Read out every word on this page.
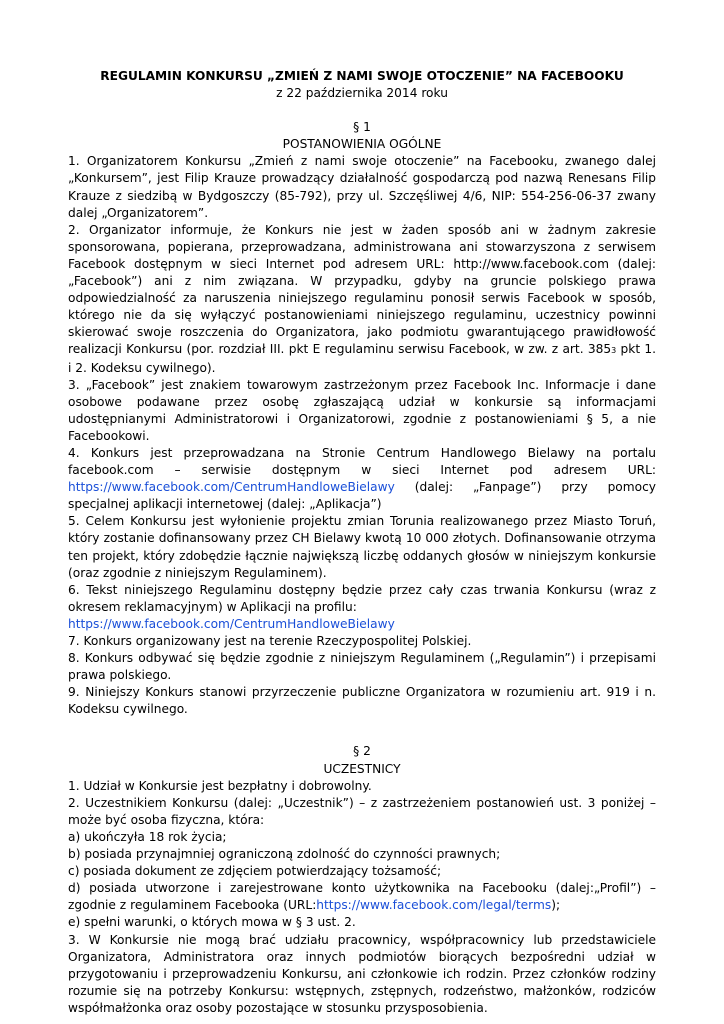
REGULAMIN KONKURSU „ZMIEŃ Z NAMI SWOJE OTOCZENIE” NA FACEBOOKU
z 22 października 2014 roku
§ 1
POSTANOWIENIA OGÓLNE

1. Organizatorem Konkursu „Zmień z nami swoje otoczenie” na Facebooku, zwanego dalej „Konkursem”, jest Filip Krauze prowadzący działalność gospodarczą pod nazwą Renesans Filip Krauze z siedzibą w Bydgoszczy (85-792), przy ul. Szczęśliwej 4/6, NIP: 554-256-06-37 zwany dalej „Organizatorem”.

2. Organizator informuje, że Konkurs nie jest w żaden sposób ani w żadnym zakresie sponsorowana, popierana, przeprowadzana, administrowana ani stowarzyszona z serwisem Facebook dostępnym w sieci Internet pod adresem URL: http://www.facebook.com (dalej: „Facebook”) ani z nim związana. W przypadku, gdyby na gruncie polskiego prawa odpowiedzialność za naruszenia niniejszego regulaminu ponosił serwis Facebook w sposób, którego nie da się wyłączyć postanowieniami niniejszego regulaminu, uczestnicy powinni skierować swoje roszczenia do Organizatora, jako podmiotu gwarantującego prawidłowość realizacji Konkursu (por. rozdział III. pkt E regulaminu serwisu Facebook, w zw. z art. 3853 pkt 1. i 2. Kodeksu cywilnego).

3. „Facebook” jest znakiem towarowym zastrzeżonym przez Facebook Inc. Informacje i dane osobowe podawane przez osobę zgłaszającą udział w konkursie są informacjami udostępnianymi Administratorowi i Organizatorowi, zgodnie z postanowieniami § 5, a nie Facebookowi.

4. Konkurs jest przeprowadzana na Stronie Centrum Handlowego Bielawy na portalu facebook.com – serwisie dostępnym w sieci Internet pod adresem URL:
https://www.facebook.com/CentrumHandloweBielawy (dalej: „Fanpage”) przy pomocy specjalnej aplikacji internetowej (dalej: „Aplikacja”)

5. Celem Konkursu jest wyłonienie projektu zmian Torunia realizowanego przez Miasto Toruń, który zostanie dofinansowany przez CH Bielawy kwotą 10 000 złotych. Dofinansowanie otrzyma ten projekt, który zdobędzie łącznie największą liczbę oddanych głosów w niniejszym konkursie (oraz zgodnie z niniejszym Regulaminem).

6. Tekst niniejszego Regulaminu dostępny będzie przez cały czas trwania Konkursu (wraz z okresem reklamacyjnym) w Aplikacji na profilu:

https://www.facebook.com/CentrumHandloweBielawy

7. Konkurs organizowany jest na terenie Rzeczypospolitej Polskiej.

8. Konkurs odbywać się będzie zgodnie z niniejszym Regulaminem („Regulamin”) i przepisami prawa polskiego.

9. Niniejszy Konkurs stanowi przyrzeczenie publiczne Organizatora w rozumieniu art. 919 i n. Kodeksu cywilnego.

§ 2
UCZESTNICY

1. Udział w Konkursie jest bezpłatny i dobrowolny.

2. Uczestnikiem Konkursu (dalej: „Uczestnik”) – z zastrzeżeniem postanowień ust. 3 poniżej –może być osoba fizyczna, która:

a) ukończyła 18 rok życia;

b) posiada przynajmniej ograniczoną zdolność do czynności prawnych;

c) posiada dokument ze zdjęciem potwierdzający tożsamość;

d) posiada utworzone i zarejestrowane konto użytkownika na Facebooku (dalej:„Profil”) – zgodnie z regulaminem Facebooka (URL:https://www.facebook.com/legal/terms);

e) spełni warunki, o których mowa w § 3 ust. 2.

3. W Konkursie nie mogą brać udziału pracownicy, współpracownicy lub przedstawiciele Organizatora, Administratora oraz innych podmiotów biorących bezpośredni udział w przygotowaniu i przeprowadzeniu Konkursu, ani członkowie ich rodzin. Przez członków rodziny rozumie się na potrzeby Konkursu: wstępnych, zstępnych, rodzeństwo, małżonków, rodziców współmałżonka oraz osoby pozostające w stosunku przysposobienia.
